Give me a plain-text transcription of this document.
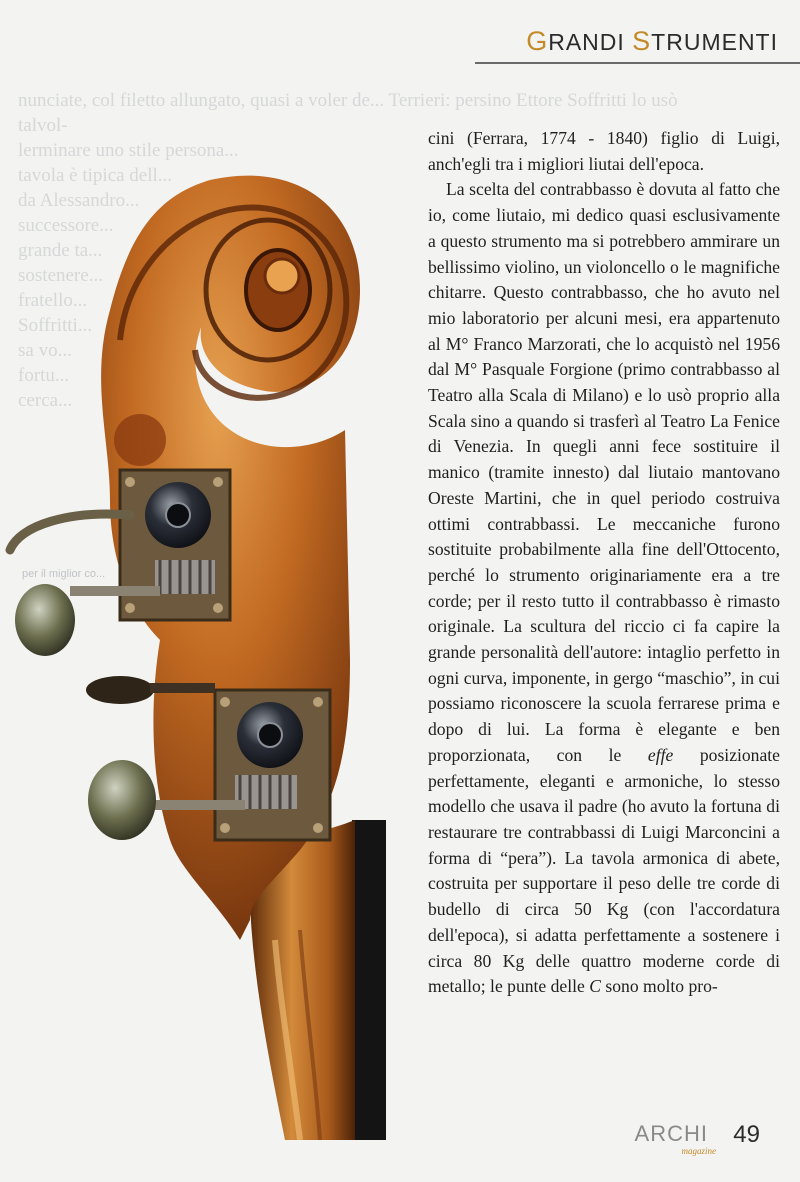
nunciate, col filetto allungato, quasi a voler de... Terrieri: persino Ettore Soffritti lo usò talvol-
lerminare uno stile persona...
tavola è tipica dell...
da Alessandro...
successore...
grande ta...
sostenere...
fratello...
Soffritti...
sa vo...
fortu...
cerca...
GRANDI STRUMENTI
per il miglior co...

cini (Ferrara, 1774 - 1840) figlio di Luigi, anch'egli tra i migliori liutai dell'epoca.

La scelta del contrabbasso è dovuta al fatto che io, come liutaio, mi dedico quasi esclusivamente a questo strumento ma si potrebbero ammirare un bellissimo violino, un violoncello o le magnifiche chitarre. Questo contrabbasso, che ho avuto nel mio laboratorio per alcuni mesi, era appartenuto al M° Franco Marzorati, che lo acquistò nel 1956 dal M° Pasquale Forgione (primo contrabbasso al Teatro alla Scala di Milano) e lo usò proprio alla Scala sino a quando si trasferì al Teatro La Fenice di Venezia. In quegli anni fece sostituire il manico (tramite innesto) dal liutaio mantovano Oreste Martini, che in quel periodo costruiva ottimi contrabbassi. Le meccaniche furono sostituite probabilmente alla fine dell'Ottocento, perché lo strumento originariamente era a tre corde; per il resto tutto il contrabbasso è rimasto originale. La scultura del riccio ci fa capire la grande personalità dell'autore: intaglio perfetto in ogni curva, imponente, in gergo “maschio”, in cui possiamo riconoscere la scuola ferrarese prima e dopo di lui. La forma è elegante e ben proporzionata, con le effe posizionate perfettamente, eleganti e armoniche, lo stesso modello che usava il padre (ho avuto la fortuna di restaurare tre contrabbassi di Luigi Marconcini a forma di “pera”). La tavola armonica di abete, costruita per supportare il peso delle tre corde di budello di circa 50 Kg (con l'accordatura dell'epoca), si adatta perfettamente a sostenere i circa 80 Kg delle quattro moderne corde di metallo; le punte delle C sono molto pro-

ARCHI
magazine
49
